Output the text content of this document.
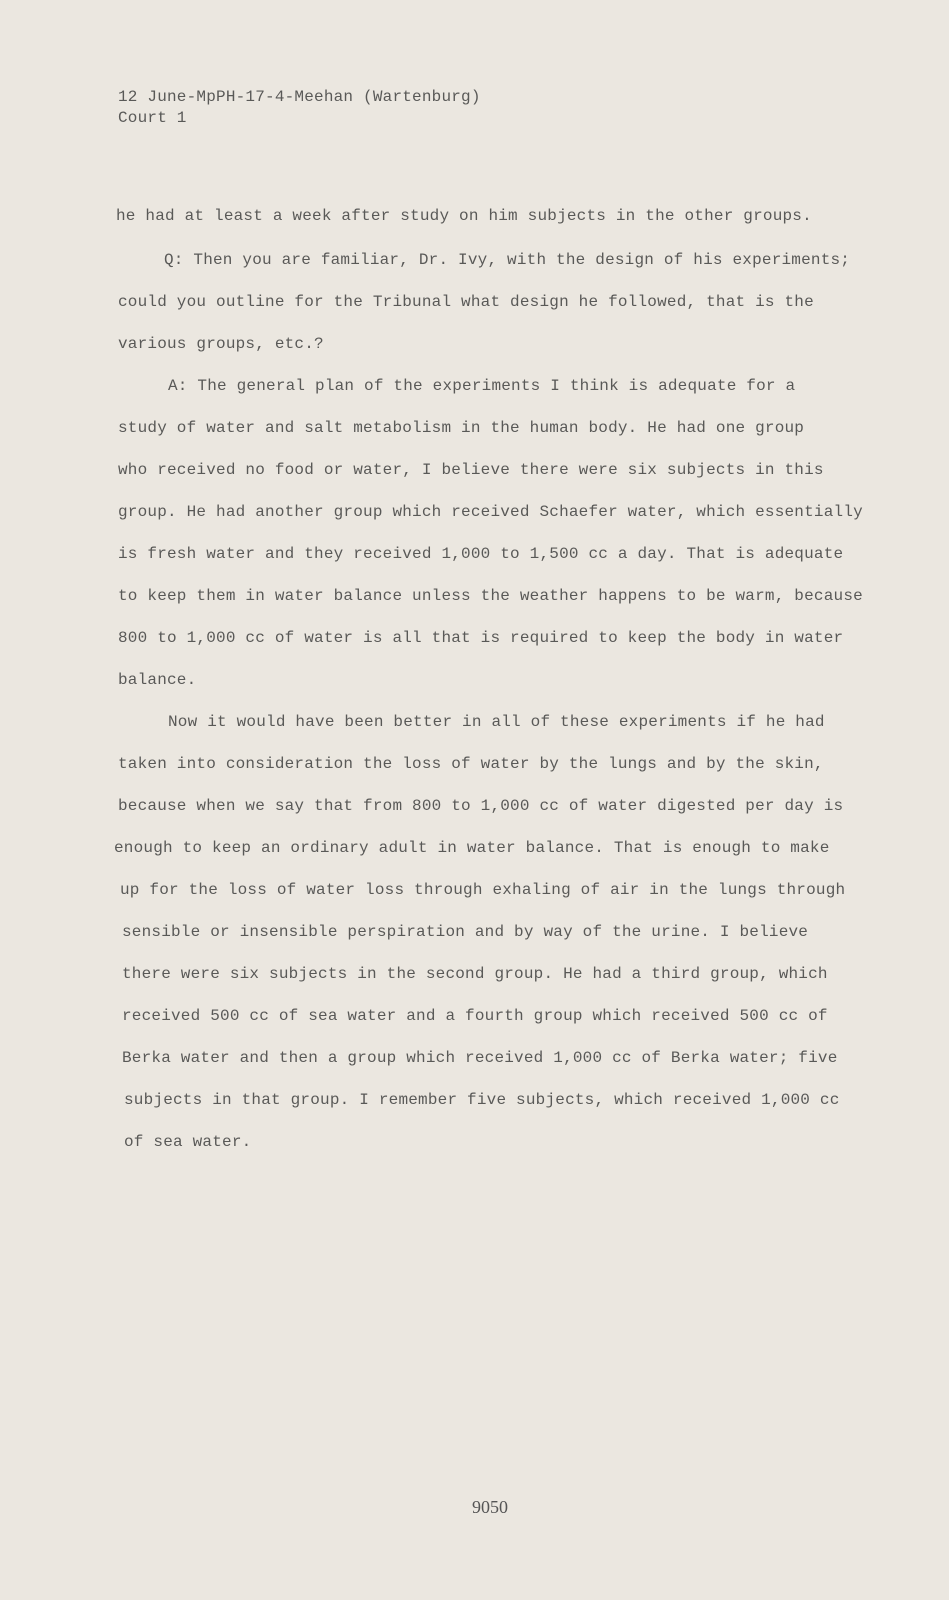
12 June-MpPH-17-4-Meehan (Wartenburg)
Court 1
he had at least a week after study on him subjects in the other groups.
Q: Then you are familiar, Dr. Ivy, with the design of his experiments;
could you outline for the Tribunal what design he followed, that is the
various groups, etc.?
A: The general plan of the experiments I think is adequate for a
study of water and salt metabolism in the human body. He had one group
who received no food or water, I believe there were six subjects in this
group. He had another group which received Schaefer water, which essentially
is fresh water and they received 1,000 to 1,500 cc a day. That is adequate
to keep them in water balance unless the weather happens to be warm, because
800 to 1,000 cc of water is all that is required to keep the body in water
balance.
Now it would have been better in all of these experiments if he had
taken into consideration the loss of water by the lungs and by the skin,
because when we say that from 800 to 1,000 cc of water digested per day is
enough to keep an ordinary adult in water balance. That is enough to make
up for the loss of water loss through exhaling of air in the lungs through
sensible or insensible perspiration and by way of the urine. I believe
there were six subjects in the second group. He had a third group, which
received 500 cc of sea water and a fourth group which received 500 cc of
Berka water and then a group which received 1,000 cc of Berka water; five
subjects in that group. I remember five subjects, which received 1,000 cc
of sea water.
9050
